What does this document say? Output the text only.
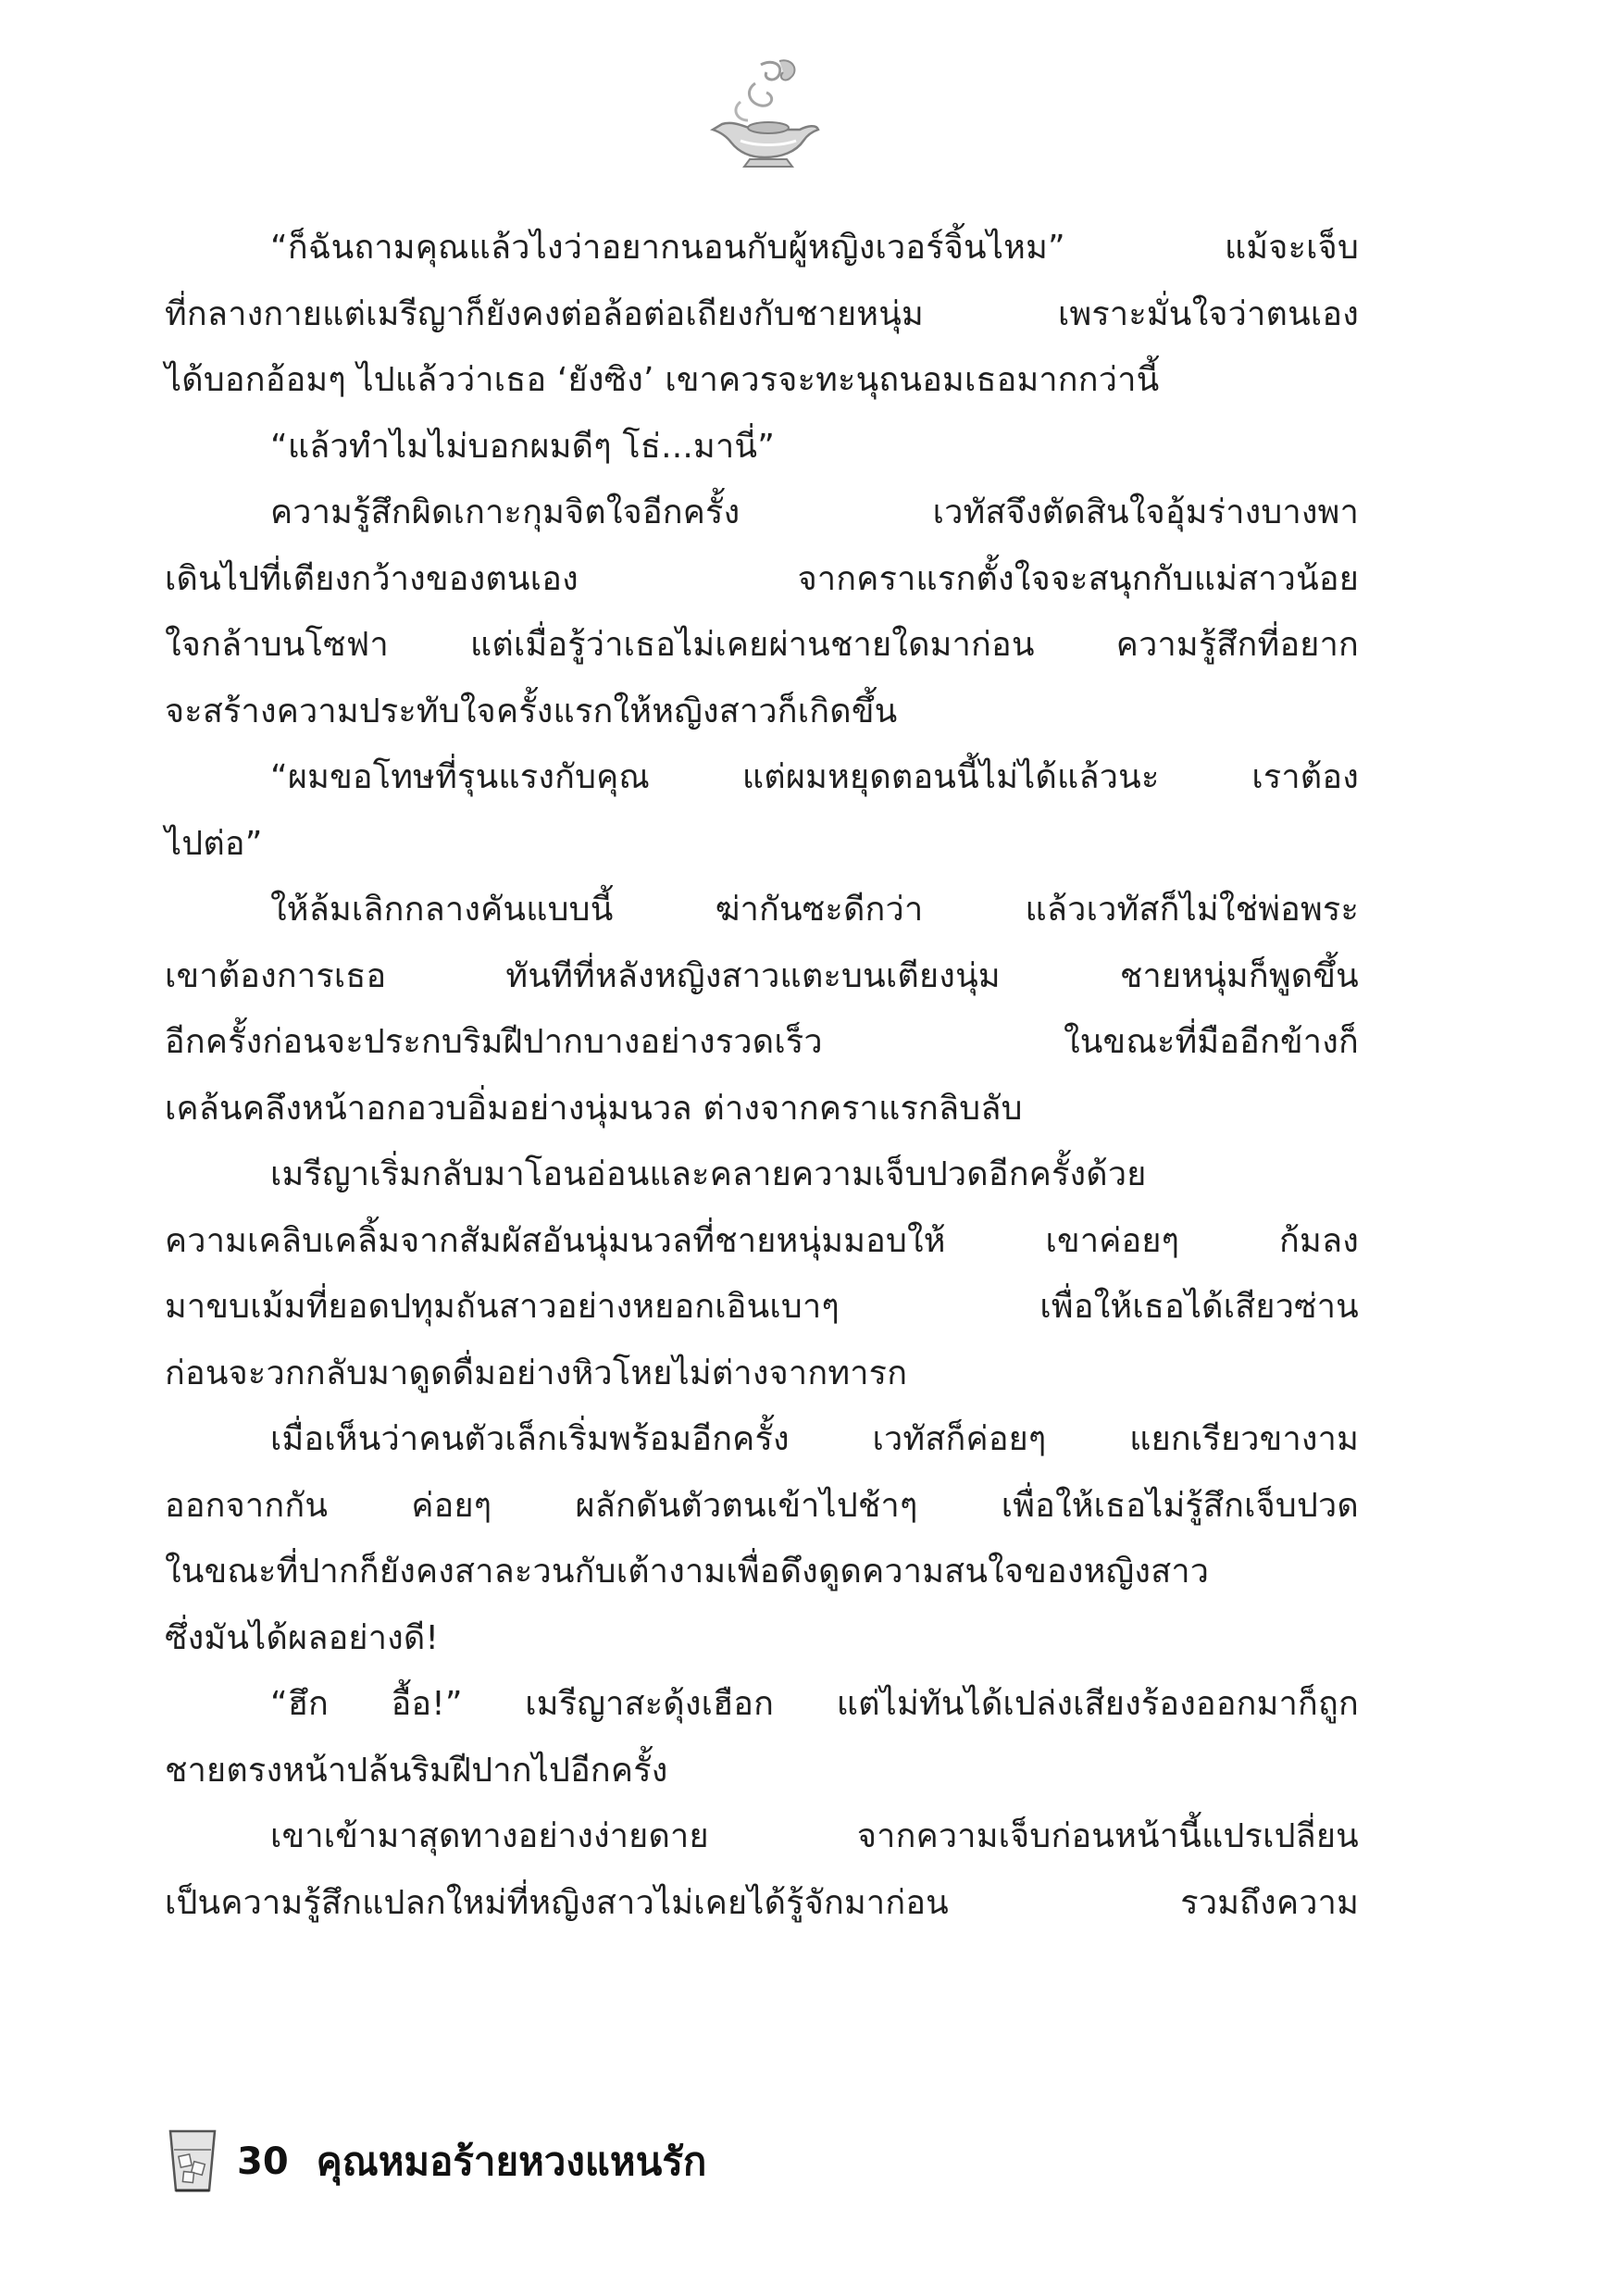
“ก็ฉันถามคุณแล้วไงว่าอยากนอนกับผู้หญิงเวอร์จิ้นไหม” แม้จะเจ็บ
ที่กลางกายแต่เมรีญาก็ยังคงต่อล้อต่อเถียงกับชายหนุ่ม เพราะมั่นใจว่าตนเอง
ได้บอกอ้อมๆ ไปแล้วว่าเธอ ‘ยังซิง’ เขาควรจะทะนุถนอมเธอมากกว่านี้
“แล้วทำไมไม่บอกผมดีๆ โธ่...มานี่”
ความรู้สึกผิดเกาะกุมจิตใจอีกครั้ง เวทัสจึงตัดสินใจอุ้มร่างบางพา
เดินไปที่เตียงกว้างของตนเอง จากคราแรกตั้งใจจะสนุกกับแม่สาวน้อย
ใจกล้าบนโซฟา แต่เมื่อรู้ว่าเธอไม่เคยผ่านชายใดมาก่อน ความรู้สึกที่อยาก
จะสร้างความประทับใจครั้งแรกให้หญิงสาวก็เกิดขึ้น
“ผมขอโทษที่รุนแรงกับคุณ แต่ผมหยุดตอนนี้ไม่ได้แล้วนะ เราต้อง
ไปต่อ”
ให้ล้มเลิกกลางคันแบบนี้ ฆ่ากันซะดีกว่า แล้วเวทัสก็ไม่ใช่พ่อพระ
เขาต้องการเธอ ทันทีที่หลังหญิงสาวแตะบนเตียงนุ่ม ชายหนุ่มก็พูดขึ้น
อีกครั้งก่อนจะประกบริมฝีปากบางอย่างรวดเร็ว ในขณะที่มืออีกข้างก็
เคล้นคลึงหน้าอกอวบอิ่มอย่างนุ่มนวล ต่างจากคราแรกลิบลับ
เมรีญาเริ่มกลับมาโอนอ่อนและคลายความเจ็บปวดอีกครั้งด้วย
ความเคลิบเคลิ้มจากสัมผัสอันนุ่มนวลที่ชายหนุ่มมอบให้ เขาค่อยๆ ก้มลง
มาขบเม้มที่ยอดปทุมถันสาวอย่างหยอกเอินเบาๆ เพื่อให้เธอได้เสียวซ่าน
ก่อนจะวกกลับมาดูดดื่มอย่างหิวโหยไม่ต่างจากทารก
เมื่อเห็นว่าคนตัวเล็กเริ่มพร้อมอีกครั้ง เวทัสก็ค่อยๆ แยกเรียวขางาม
ออกจากกัน ค่อยๆ ผลักดันตัวตนเข้าไปช้าๆ เพื่อให้เธอไม่รู้สึกเจ็บปวด
ในขณะที่ปากก็ยังคงสาละวนกับเต้างามเพื่อดึงดูดความสนใจของหญิงสาว
ซึ่งมันได้ผลอย่างดี!
“ฮึก อื้อ!” เมรีญาสะดุ้งเฮือก แต่ไม่ทันได้เปล่งเสียงร้องออกมาก็ถูก
ชายตรงหน้าปล้นริมฝีปากไปอีกครั้ง
เขาเข้ามาสุดทางอย่างง่ายดาย จากความเจ็บก่อนหน้านี้แปรเปลี่ยน
เป็นความรู้สึกแปลกใหม่ที่หญิงสาวไม่เคยได้รู้จักมาก่อน รวมถึงความ
30 คุณหมอร้ายหวงแหนรัก
